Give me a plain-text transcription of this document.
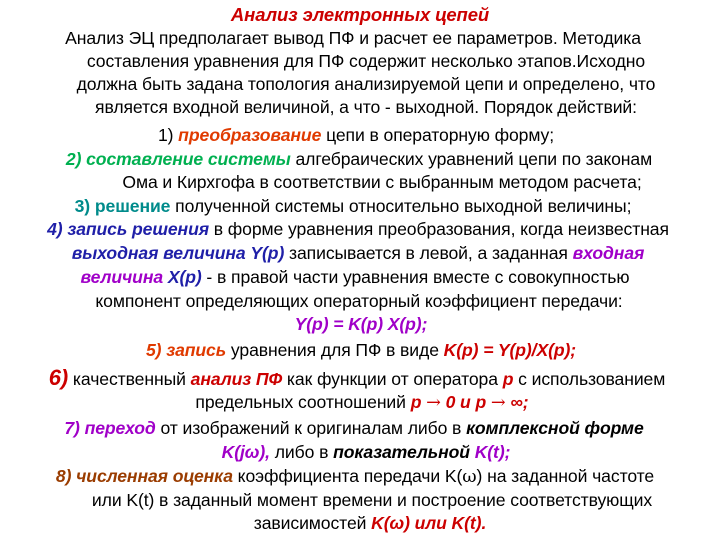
Анализ электронных цепей
Анализ ЭЦ предполагает вывод ПФ и расчет ее параметров. Методика
составления уравнения для ПФ содержит несколько этапов.Исходно
должна быть задана топология анализируемой цепи и определено, что
является входной величиной, а что - выходной. Порядок действий:
1) преобразование цепи в операторную форму;
2) составление системы алгебраических уравнений цепи по законам
Ома и Кирхгофа в соответствии с выбранным методом расчета;
3) решение полученной системы относительно выходной величины;
4) запись решения в форме уравнения преобразования, когда неизвестная
выходная величина Y(p) записывается в левой, а заданная входная
величина X(p) - в правой части уравнения вместе с совокупностью
компонент определяющих операторный коэффициент передачи:
Y(p) = K(p) X(p);
5) запись уравнения для ПФ в виде K(p) = Y(p)/X(p);
6) качественный анализ ПФ как функции от оператора p с использованием
предельных соотношений p → 0 и p → ∞;
7) переход от изображений к оригиналам либо в комплексной форме
K(jω), либо в показательной K(t);
8) численная оценка коэффициента передачи K(ω) на заданной частоте
или K(t) в заданный момент времени и построение соответствующих
зависимостей K(ω) или K(t).
